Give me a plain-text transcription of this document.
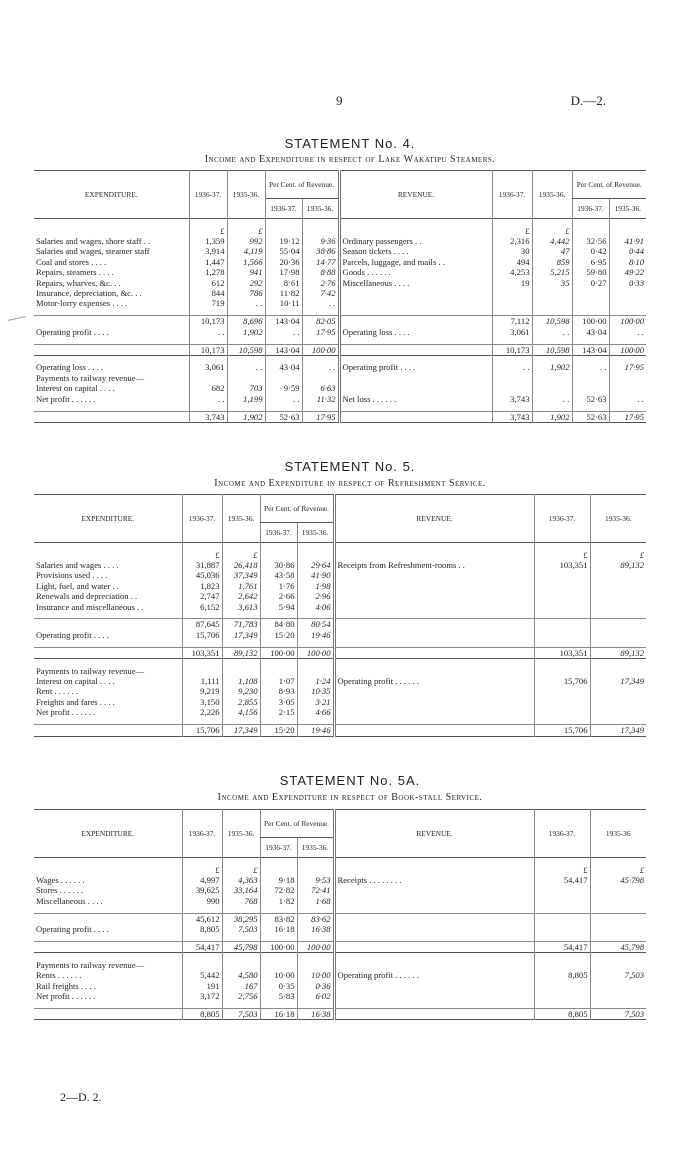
9	D.—2.
STATEMENT No. 4.
Income and Expenditure in respect of Lake Wakatipu Steamers.
EXPENDITURE.	1936-37.	1935-36.	Per Cent. of Revenue.		REVENUE.	1936-37.	1935-36.	Per Cent. of Revenue.	
			1936-37.	1935-36.				1936-37.	1935-36.

	£	£				£	£		
Salaries and wages, shore staff . .	1,359	992	19·12	9·36	Ordinary passengers . .	2,316	4,442	32·56	41·91
Salaries and wages, steamer staff	3,914	4,119	55·04	38·86	Season tickets . . . .	30	47	0·42	0·44
Coal and stores . . . .	1,447	1,566	20·36	14·77	Parcels, luggage, and mails . .	494	859	6·95	8·10
Repairs, steamers . . . .	1,278	941	17·98	8·88	Goods . . . . . .	4,253	5,215	59·80	49·22
Repairs, wharves, &c. . .	612	292	8·61	2·76	Miscellaneous . . . .	19	35	0·27	0·33
Insurance, depreciation, &c. . .	844	786	11·82	7·42					
Motor-lorry expenses . . . .	719	. .	10·11	. .					

	10,173	8,696	143·04	82·05		7,112	10,598	100·00	100·00
Operating profit . . . .	. .	1,902	. .	17·95	Operating loss . . . .	3,061	. .	43·04	. .

	10,173	10,598	143·04	100·00		10,173	10,598	143·04	100·00

Operating loss . . . .	3,061	. .	43·04	. .	Operating profit . . . .	. .	1,902	. .	17·95
Payments to railway revenue—									
Interest on capital . . . .	682	703	9·59	6·63					
Net profit . . . . . .	. .	1,199	. .	11·32	Net loss . . . . . .	3,743	. .	52·63	. .

	3,743	1,902	52·63	17·95		3,743	1,902	52·63	17·95
STATEMENT No. 5.
Income and Expenditure in respect of Refreshment Service.
EXPENDITURE.	1936-37.	1935-36.	Per Cent. of Revenue.		REVENUE.	1936-37.	1935-36.
			1936-37.	1935-36.			

	£	£				£	£
Salaries and wages . . . .	31,887	26,418	30·86	29·64	Receipts from Refreshment-rooms . .	103,351	89,132
Provisions used . . . .	45,036	37,349	43·58	41·90			
Light, fuel, and water . .	1,823	1,761	1·76	1·98			
Renewals and depreciation . .	2,747	2,642	2·66	2·96			
Insurance and miscellaneous . .	6,152	3,613	5·94	4·06			

	87,645	71,783	84·80	80·54			
Operating profit . . . .	15,706	17,349	15·20	19·46			

	103,351	89,132	100·00	100·00		103,351	89,132

Payments to railway revenue—							
Interest on capital . . . .	1,111	1,108	1·07	1·24	Operating profit . . . . . .	15,706	17,349
Rent . . . . . .	9,219	9,230	8·93	10·35			
Freights and fares . . . .	3,150	2,855	3·05	3·21			
Net profit . . . . . .	2,226	4,156	2·15	4·66			

	15,706	17,349	15·20	19·46		15,706	17,349
STATEMENT No. 5A.
Income and Expenditure in respect of Book-stall Service.
EXPENDITURE.	1936-37.	1935-36.	Per Cent. of Revenue.		REVENUE.	1936-37.	1935-36
			1936-37.	1935-36.			

	£	£				£	£
Wages . . . . . .	4,997	4,363	9·18	9·53	Receipts . . . . . . . .	54,417	45·798
Stores . . . . . .	39,625	33,164	72·82	72·41			
Miscellaneous . . . .	990	768	1·82	1·68			

	45,612	38,295	83·82	83·62			
Operating profit . . . .	8,805	7,503	16·18	16·38			

	54,417	45,798	100·00	100·00		54,417	45,798

Payments to railway revenue—							
Rents . . . . . .	5,442	4,580	10·00	10·00	Operating profit . . . . . .	8,805	7,503
Rail freights . . . .	191	167	0·35	0·36			
Net profit . . . . . .	3,172	2,756	5·83	6·02			

	8,805	7,503	16·18	16·38		8,805	7,503
2—D. 2.
